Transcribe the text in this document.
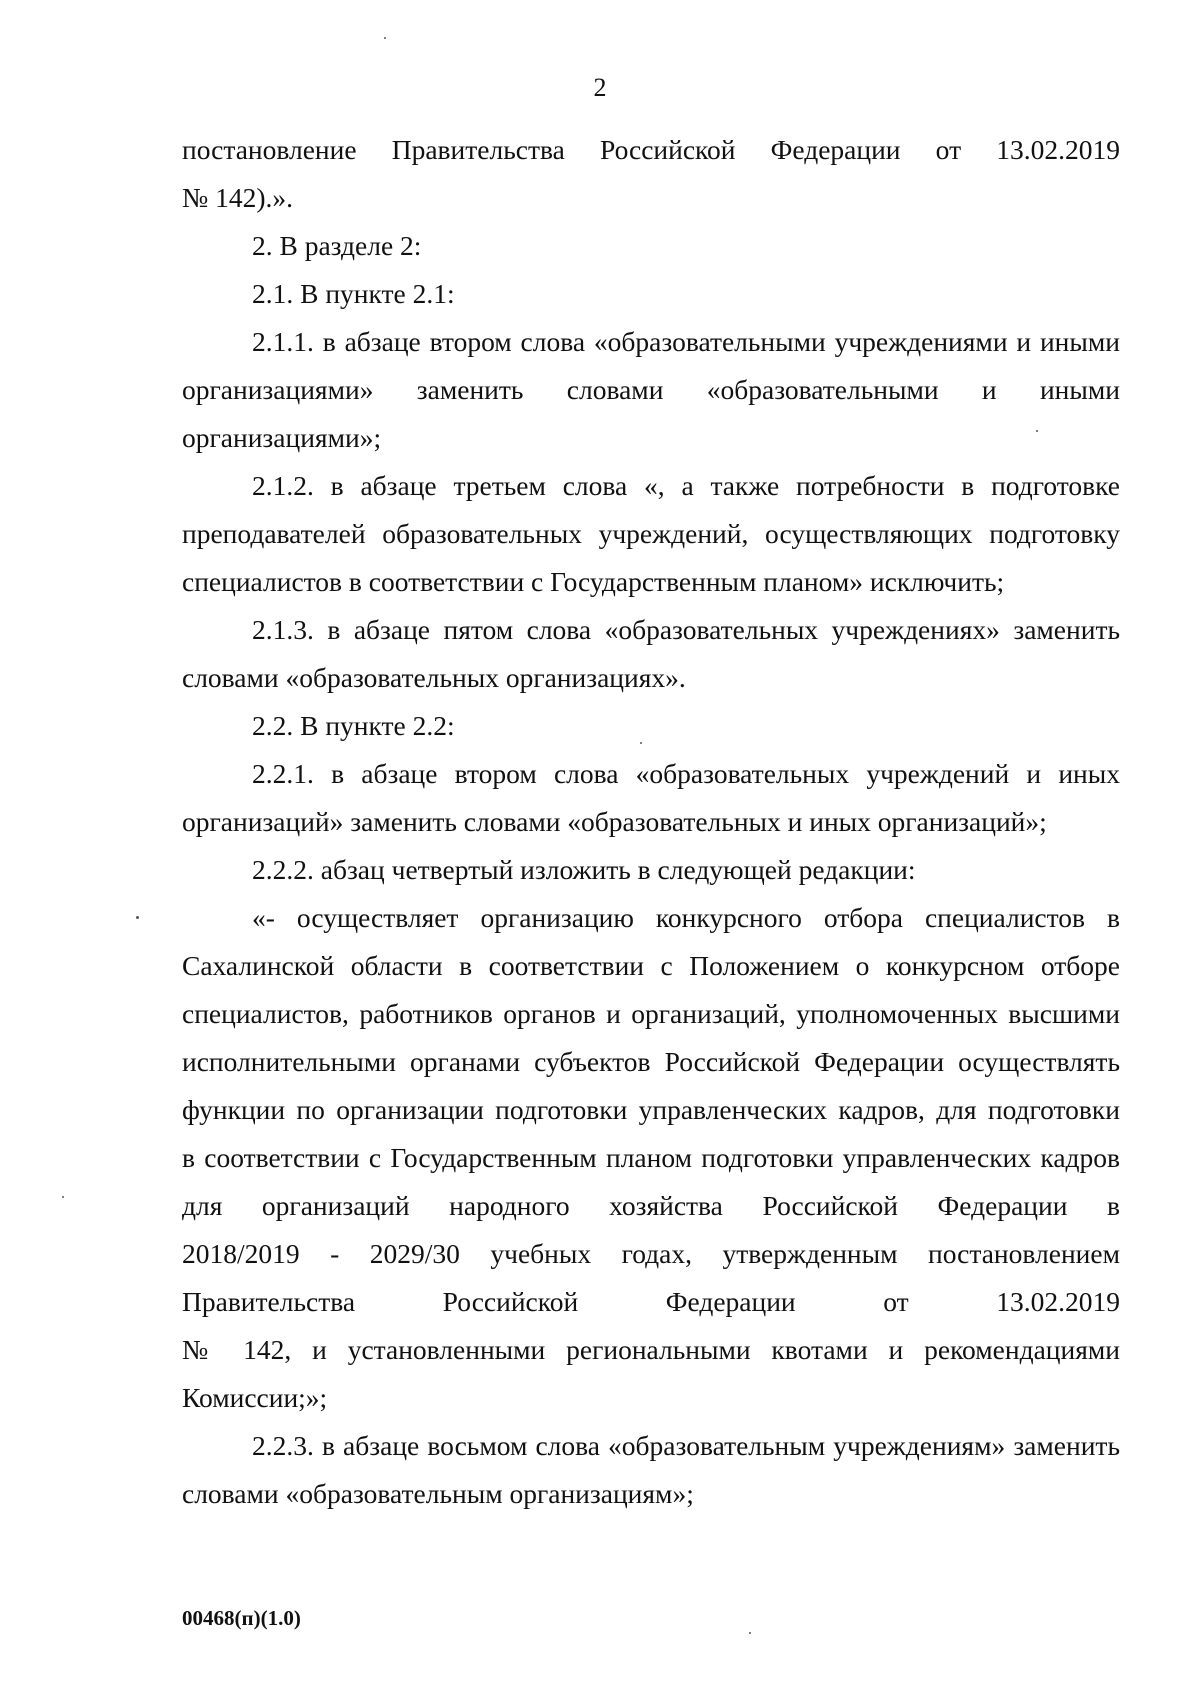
2
постановление Правительства Российской Федерации от 13.02.2019
№ 142).».
2. В разделе 2:
2.1. В пункте 2.1:
2.1.1. в абзаце втором слова «образовательными учреждениями и иными
организациями» заменить словами «образовательными и иными
организациями»;
2.1.2. в абзаце третьем слова «, а также потребности в подготовке
преподавателей образовательных учреждений, осуществляющих подготовку
специалистов в соответствии с Государственным планом» исключить;
2.1.3. в абзаце пятом слова «образовательных учреждениях» заменить
словами «образовательных организациях».
2.2. В пункте 2.2:
2.2.1. в абзаце втором слова «образовательных учреждений и иных
организаций» заменить словами «образовательных и иных организаций»;
2.2.2. абзац четвертый изложить в следующей редакции:
«- осуществляет организацию конкурсного отбора специалистов в
Сахалинской области в соответствии с Положением о конкурсном отборе
специалистов, работников органов и организаций, уполномоченных высшими
исполнительными органами субъектов Российской Федерации осуществлять
функции по организации подготовки управленческих кадров, для подготовки
в соответствии с Государственным планом подготовки управленческих кадров
для организаций народного хозяйства Российской Федерации в
2018/2019 - 2029/30 учебных годах, утвержденным постановлением
Правительства Российской Федерации от 13.02.2019
№ 142, и установленными региональными квотами и рекомендациями
Комиссии;»;
2.2.3. в абзаце восьмом слова «образовательным учреждениям» заменить
словами «образовательным организациям»;
00468(п)(1.0)
